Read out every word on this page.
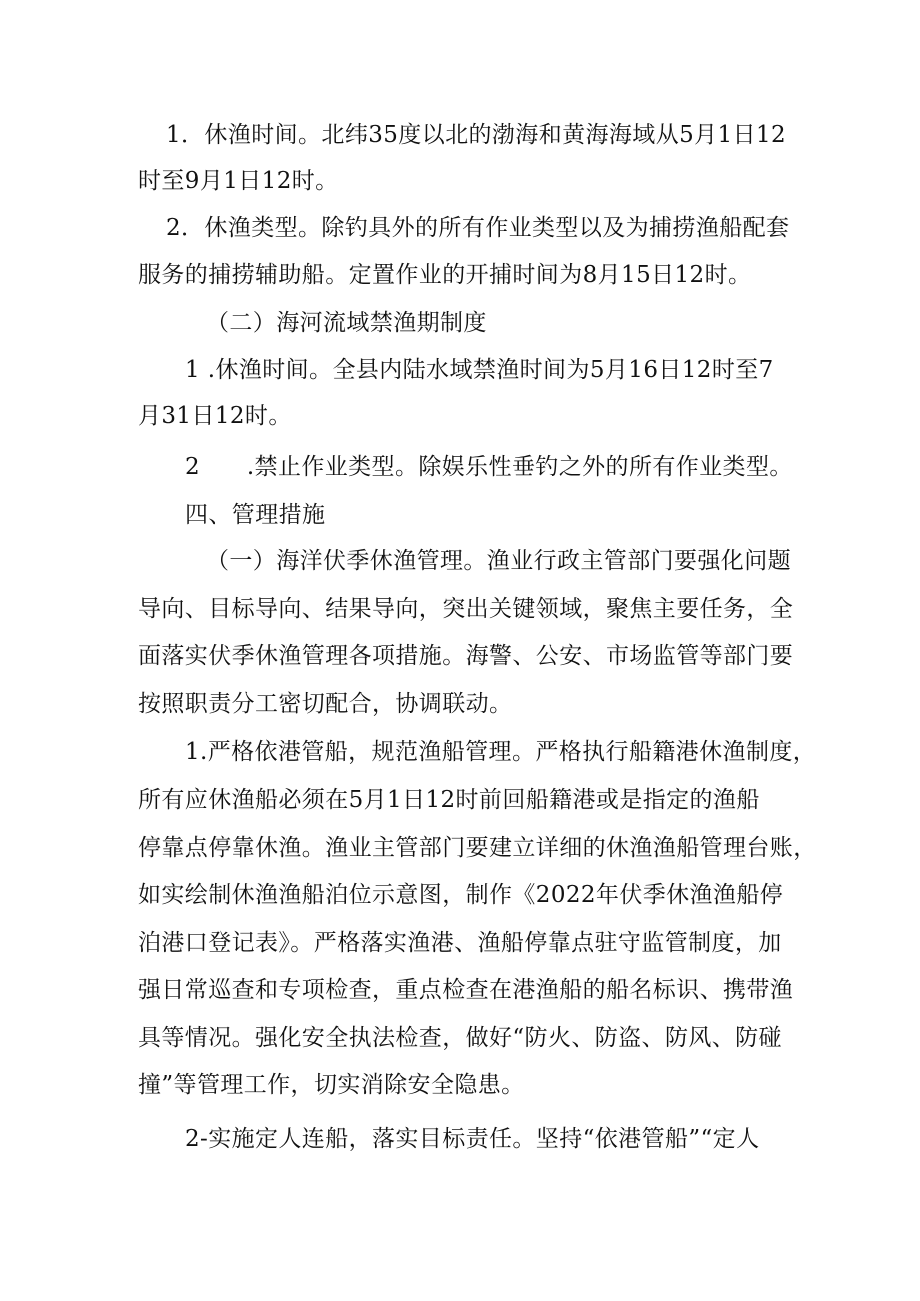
1．休渔时间。北纬35度以北的渤海和黄海海域从5月1日12
时至9月1日12时。
2．休渔类型。除钓具外的所有作业类型以及为捕捞渔船配套
服务的捕捞辅助船。定置作业的开捕时间为8月15日12时。
（二）海河流域禁渔期制度
1 .休渔时间。全县内陆水域禁渔时间为5月16日12时至7
月31日12时。
2　　.禁止作业类型。除娱乐性垂钓之外的所有作业类型。
四、管理措施
（一）海洋伏季休渔管理。渔业行政主管部门要强化问题
导向、目标导向、结果导向，突出关键领域，聚焦主要任务，全
面落实伏季休渔管理各项措施。海警、公安、市场监管等部门要
按照职责分工密切配合，协调联动。
1.严格依港管船，规范渔船管理。严格执行船籍港休渔制度，
所有应休渔船必须在5月1日12时前回船籍港或是指定的渔船
停靠点停靠休渔。渔业主管部门要建立详细的休渔渔船管理台账，
如实绘制休渔渔船泊位示意图，制作《2022年伏季休渔渔船停
泊港口登记表》。严格落实渔港、渔船停靠点驻守监管制度，加
强日常巡查和专项检查，重点检查在港渔船的船名标识、携带渔
具等情况。强化安全执法检查，做好“防火、防盗、防风、防碰
撞”等管理工作，切实消除安全隐患。
2-实施定人连船，落实目标责任。坚持“依港管船”“定人
